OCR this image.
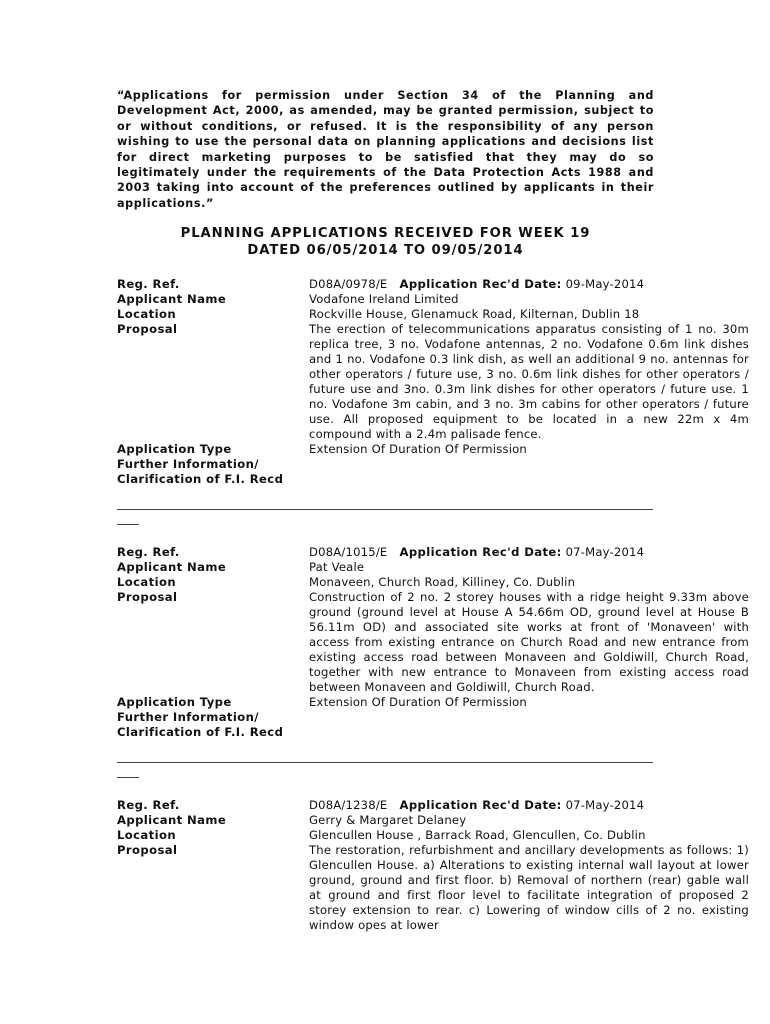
“Applications for permission under Section 34 of the Planning and Development Act, 2000, as amended, may be granted permission, subject to or without conditions, or refused. It is the responsibility of any person wishing to use the personal data on planning applications and decisions list for direct marketing purposes to be satisfied that they may do so legitimately under the requirements of the Data Protection Acts 1988 and 2003 taking into account of the preferences outlined by applicants in their applications.”
PLANNING APPLICATIONS RECEIVED FOR WEEK 19
DATED 06/05/2014 TO 09/05/2014
Reg. Ref.	D08A/0978/E Application Rec'd Date: 09-May-2014
Applicant Name	Vodafone Ireland Limited
Location	Rockville House, Glenamuck Road, Kilternan, Dublin 18
Proposal	The erection of telecommunications apparatus consisting of 1 no. 30m replica tree, 3 no. Vodafone antennas, 2 no. Vodafone 0.6m link dishes and 1 no. Vodafone 0.3 link dish, as well an additional 9 no. antennas for other operators / future use, 3 no. 0.6m link dishes for other operators / future use and 3no. 0.3m link dishes for other operators / future use. 1 no. Vodafone 3m cabin, and 3 no. 3m cabins for other operators / future use. All proposed equipment to be located in a new 22m x 4m compound with a 2.4m palisade fence.
Application Type	Extension Of Duration Of Permission
Further Information/
Clarification of F.I. Recd
Reg. Ref.	D08A/1015/E Application Rec'd Date: 07-May-2014
Applicant Name	Pat Veale
Location	Monaveen, Church Road, Killiney, Co. Dublin
Proposal	Construction of 2 no. 2 storey houses with a ridge height 9.33m above ground (ground level at House A 54.66m OD, ground level at House B 56.11m OD) and associated site works at front of 'Monaveen' with access from existing entrance on Church Road and new entrance from existing access road between Monaveen and Goldiwill, Church Road, together with new entrance to Monaveen from existing access road between Monaveen and Goldiwill, Church Road.
Application Type	Extension Of Duration Of Permission
Further Information/
Clarification of F.I. Recd
Reg. Ref.	D08A/1238/E Application Rec'd Date: 07-May-2014
Applicant Name	Gerry & Margaret Delaney
Location	Glencullen House , Barrack Road, Glencullen, Co. Dublin
Proposal	The restoration, refurbishment and ancillary developments as follows: 1) Glencullen House. a) Alterations to existing internal wall layout at lower ground, ground and first floor. b) Removal of northern (rear) gable wall at ground and first floor level to facilitate integration of proposed 2 storey extension to rear. c) Lowering of window cills of 2 no. existing window opes at lower
